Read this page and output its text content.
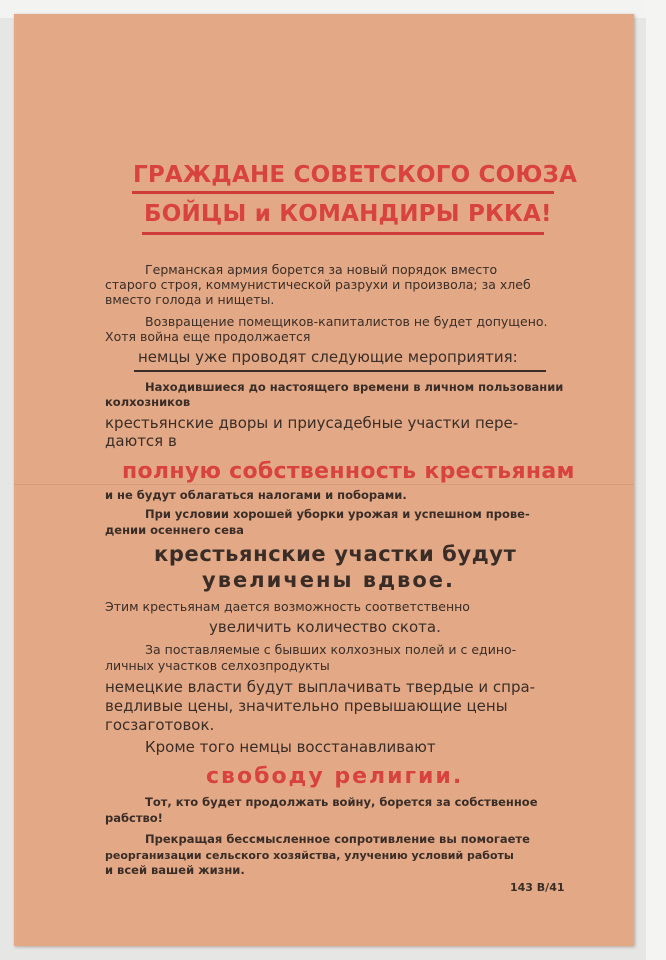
ГРАЖДАНЕ СОВЕТСКОГО СОЮЗА
БОЙЦЫ и КОМАНДИРЫ РККА!
Германская армия борется за новый порядок вместо
старого строя, коммунистической разрухи и произвола; за хлеб
вместо голода и нищеты.
Возвращение помещиков-капиталистов не будет допущено.
Хотя война еще продолжается
немцы уже проводят следующие мероприятия:
Находившиеся до настоящего времени в личном пользовании
колхозников
крестьянские дворы и приусадебные участки пере-
даются в
полную собственность крестьянам
и не будут облагаться налогами и поборами.
При условии хорошей уборки урожая и успешном прове-
дении осеннего сева
крестьянские участки будут
увеличены вдвое.
Этим крестьянам дается возможность соответственно
увеличить количество скота.
За поставляемые с бывших колхозных полей и с едино-
личных участков селхозпродукты
немецкие власти будут выплачивать твердые и спра-
ведливые цены, значительно превышающие цены
госзаготовок.
Кроме того немцы восстанавливают
свободу религии.
Тот, кто будет продолжать войну, борется за собственное
рабство!
Прекращая бессмысленное сопротивление вы помогаете
реорганизации сельского хозяйства, улучению условий работы
и всей вашей жизни.
143 В/41
